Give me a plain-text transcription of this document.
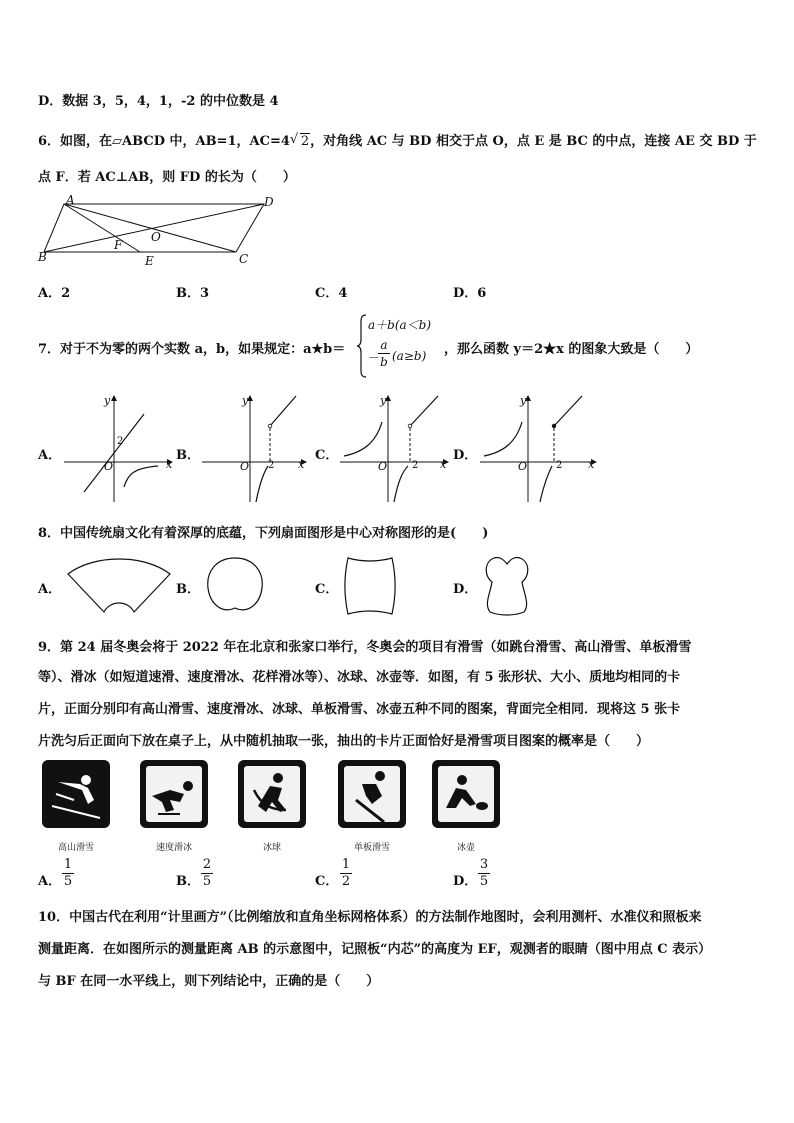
D．数据 3，5，4，1，-2 的中位数是 4
6．如图，在▱ABCD 中，AB=1，AC=4 √ 2，对角线 AC 与 BD 相交于点 O，点 E 是 BC 的中点，连接 AE 交 BD 于
点 F．若 AC⊥AB，则 FD 的长为（　　）
A	D
B	C
O
E
F
A．2	B．3	C．4	D．6
7．对于不为零的两个实数 a，b，如果规定：a★b＝
a＋b(a＜b)
－
a
b (a≥b) ，那么函数 y＝2★x 的图象大致是（　　）
A．	B．	C．	D．
y
x
O
2
y
x
O 2
y
x
O 2
y
x
O	2
8．中国传统扇文化有着深厚的底蕴，下列扇面图形是中心对称图形的是(　　)
A．	B．	C．	D．
9．第 24 届冬奥会将于 2022 年在北京和张家口举行，冬奥会的项目有滑雪（如跳台滑雪、高山滑雪、单板滑雪
等）、滑冰（如短道速滑、速度滑冰、花样滑冰等）、冰球、冰壶等．如图，有 5 张形状、大小、质地均相同的卡
片，正面分别印有高山滑雪、速度滑冰、冰球、单板滑雪、冰壶五种不同的图案，背面完全相同．现将这 5 张卡
片洗匀后正面向下放在桌子上，从中随机抽取一张，抽出的卡片正面恰好是滑雪项目图案的概率是（　　）
高山滑雪	速度滑冰	冰球	单板滑雪	冰壶
A．
1
5	B．
2
5	C．
1
2	D．
3
5
10．中国古代在利用“计里画方”（比例缩放和直角坐标网格体系）的方法制作地图时，会利用测杆、水准仪和照板来
测量距离．在如图所示的测量距离 AB 的示意图中，记照板“内芯”的高度为 EF，观测者的眼睛（图中用点 C 表示）
与 BF 在同一水平线上，则下列结论中，正确的是（　　）
